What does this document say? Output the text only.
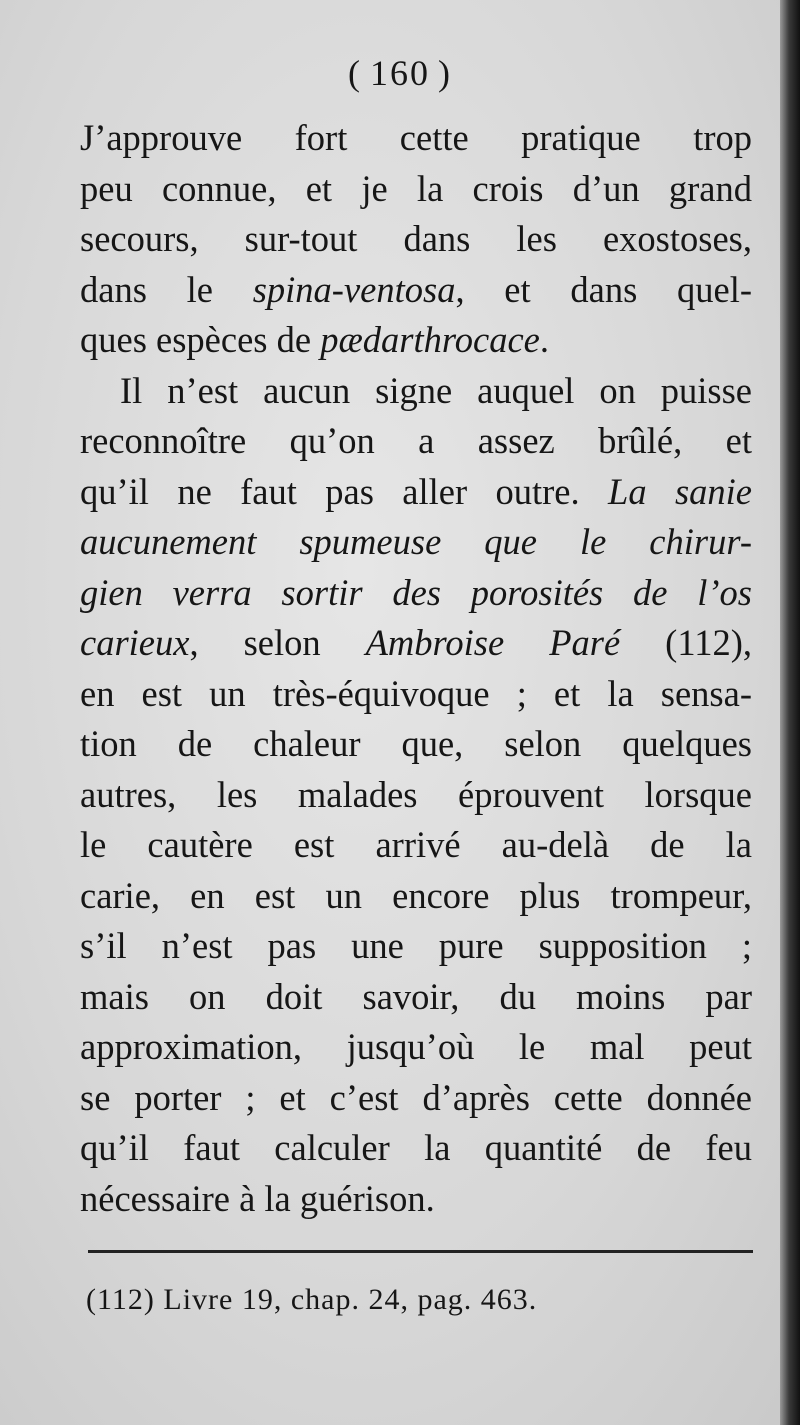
( 160 )
J’approuve fort cette pratique trop
peu connue, et je la crois d’un grand
secours, sur-tout dans les exostoses,
dans le spina-ventosa, et dans quel-
ques espèces de pædarthrocace.
Il n’est aucun signe auquel on puisse
reconnoître qu’on a assez brûlé, et
qu’il ne faut pas aller outre. La sanie
aucunement spumeuse que le chirur-
gien verra sortir des porosités de l’os
carieux, selon Ambroise Paré (112),
en est un très-équivoque ; et la sensa-
tion de chaleur que, selon quelques
autres, les malades éprouvent lorsque
le cautère est arrivé au-delà de la
carie, en est un encore plus trompeur,
s’il n’est pas une pure supposition ;
mais on doit savoir, du moins par
approximation, jusqu’où le mal peut
se porter ; et c’est d’après cette donnée
qu’il faut calculer la quantité de feu
nécessaire à la guérison.
(112) Livre 19, chap. 24, pag. 463.
